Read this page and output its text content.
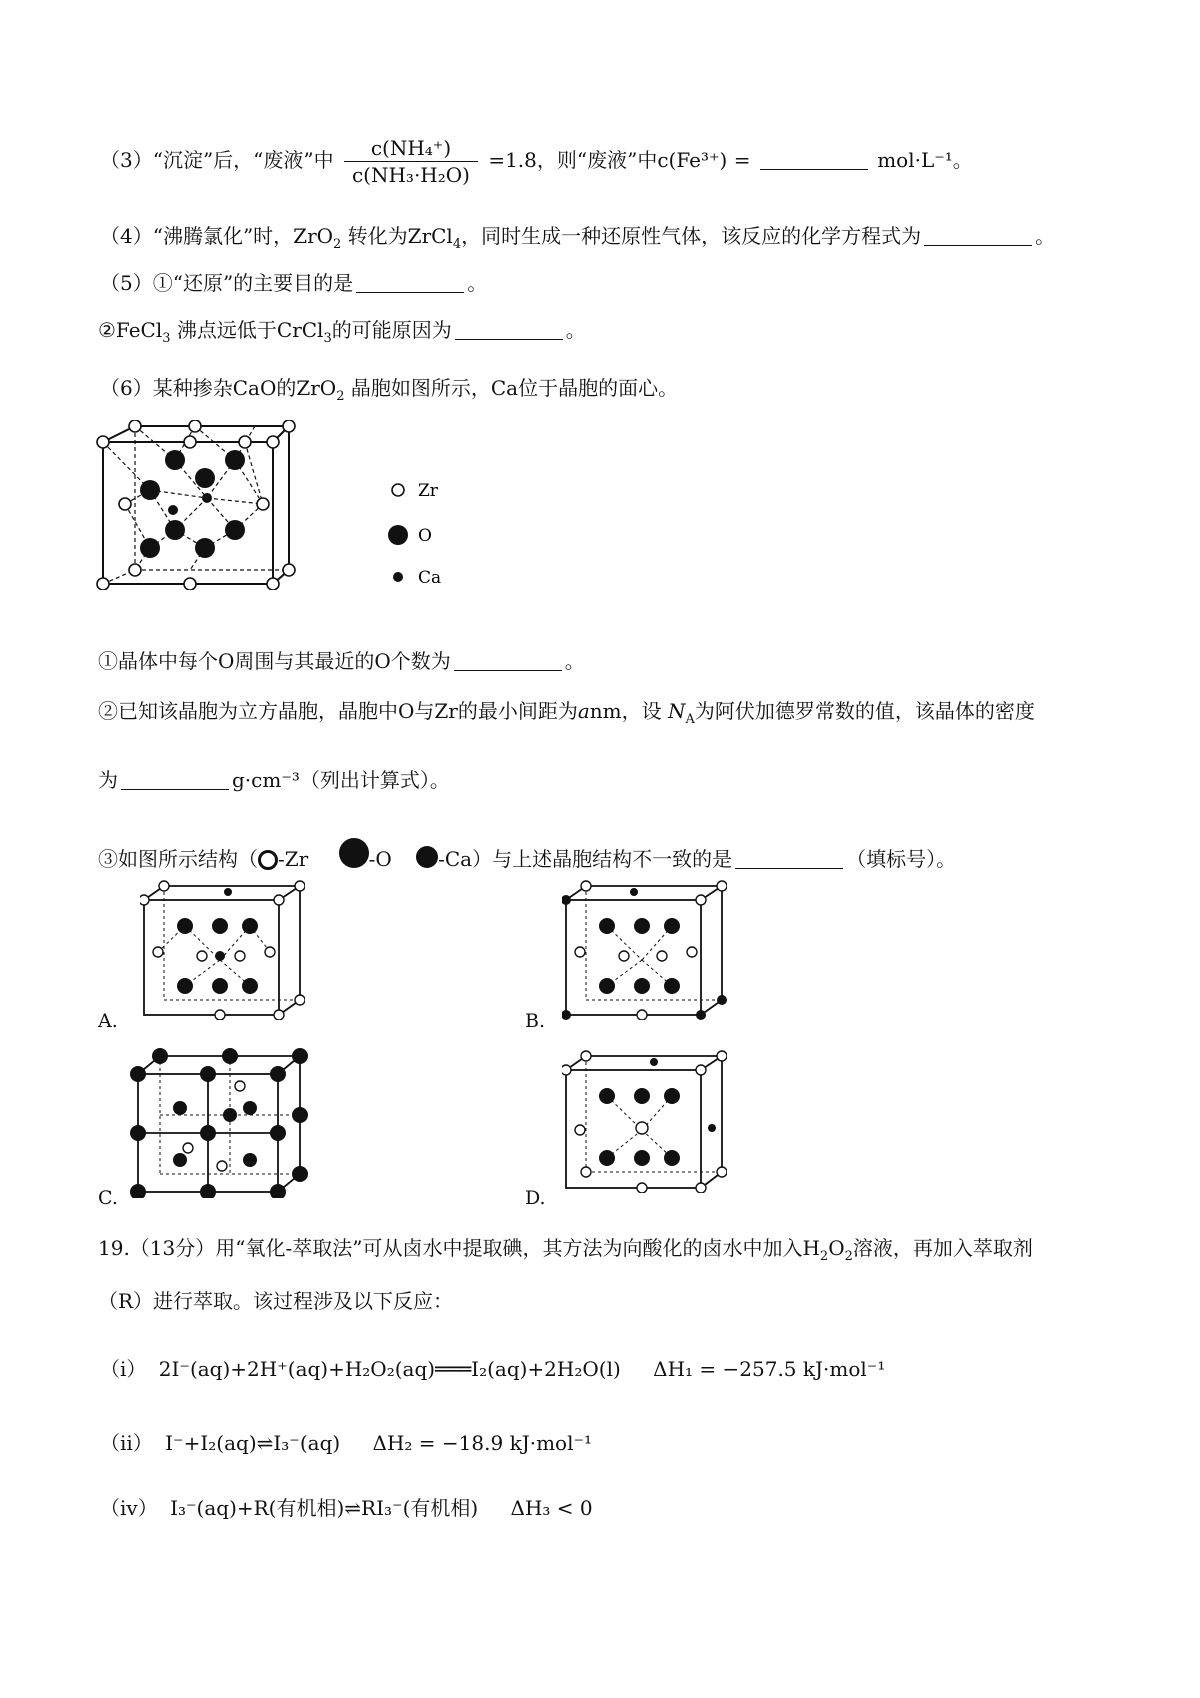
（3）“沉淀”后，“废液”中 $\frac{\text{c(NH₄⁺)}}{\text{c(NH₃·H₂O)}} =1.8$，则“废液”中c(Fe³⁺) =	mol·L⁻¹。
（4）“沸腾氯化”时，ZrO$_2$ 转化为ZrCl$_4$，同时生成一种还原性气体，该反应的化学方程式为	。
（5）①“还原”的主要目的是	。
②FeCl$_3$ 沸点远低于CrCl$_3$的可能原因为	。
（6）某种掺杂CaO的ZrO$_2$ 晶胞如图所示，Ca位于晶胞的面心。
Zr
O
Ca
①晶体中每个O周围与其最近的O个数为	。
②已知该晶胞为立方晶胞，晶胞中O与Zr的最小间距为anm，设 $N_A$为阿伏加德罗常数的值，该晶体的密度
为	g·cm⁻³（列出计算式）。
③如图所示结构（ -Zr	-O -Ca）与上述晶胞结构不一致的是	（填标号）。
A.	B.
C.	D.
19.（13分）用“氧化-萃取法”可从卤水中提取碘，其方法为向酸化的卤水中加入$H_2O_2$溶液，再加入萃取剂
（R）进行萃取。该过程涉及以下反应：
（ⅰ） 2I⁻(aq)+2H⁺(aq)+H₂O₂(aq)═══I₂(aq)+2H₂O(l) ΔH₁ = −257.5 kJ·mol⁻¹
（ⅱ） I⁻+I₂(aq)⇌I₃⁻(aq) ΔH₂ = −18.9 kJ·mol⁻¹
（ⅳ） I₃⁻(aq)+R(有机相)⇌RI₃⁻(有机相) ΔH₃ < 0
